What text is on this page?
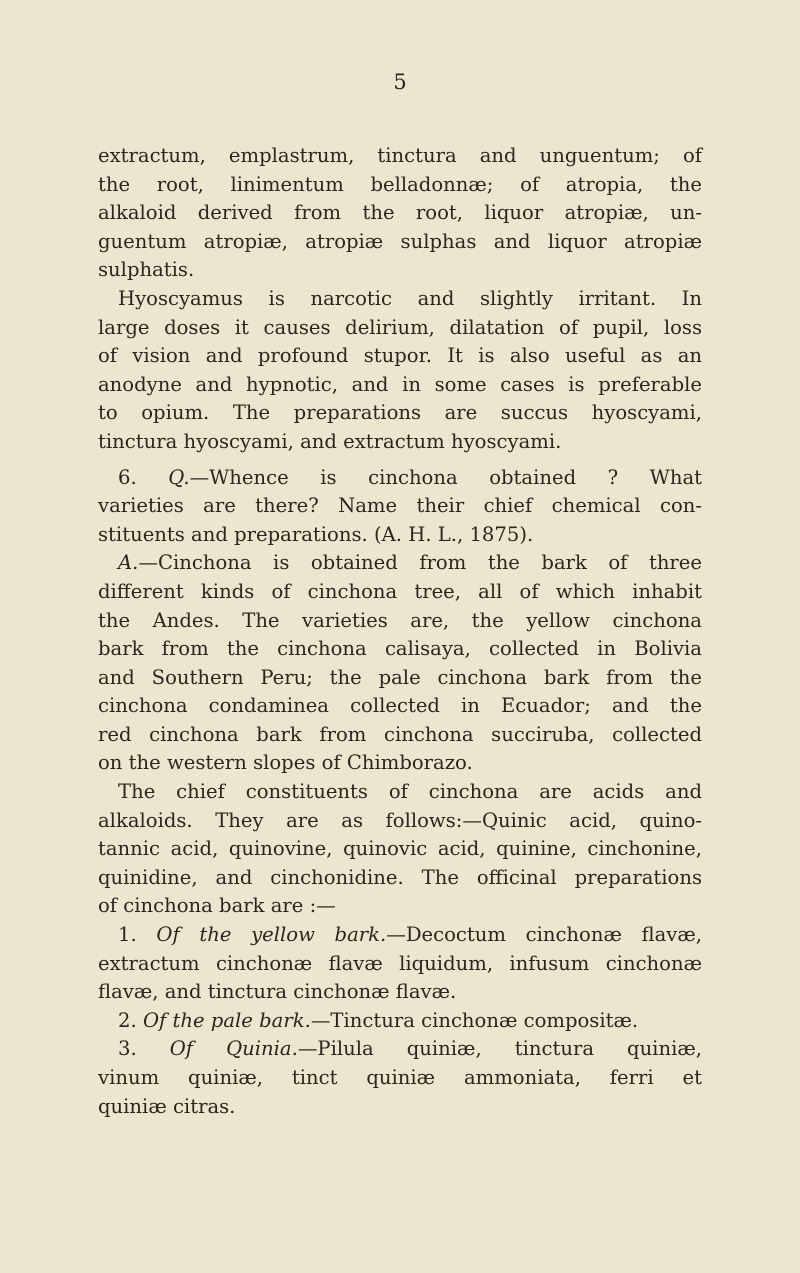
5
extractum, emplastrum, tinctura and unguentum; of
the root, linimentum belladonnæ; of atropia, the
alkaloid derived from the root, liquor atropiæ, un-
guentum atropiæ, atropiæ sulphas and liquor atropiæ
sulphatis.
Hyoscyamus is narcotic and slightly irritant. In
large doses it causes delirium, dilatation of pupil, loss
of vision and profound stupor. It is also useful as an
anodyne and hypnotic, and in some cases is preferable
to opium. The preparations are succus hyoscyami,
tinctura hyoscyami, and extractum hyoscyami.
6. Q.—Whence is cinchona obtained ? What
varieties are there? Name their chief chemical con-
stituents and preparations. (A. H. L., 1875).
A.—Cinchona is obtained from the bark of three
different kinds of cinchona tree, all of which inhabit
the Andes. The varieties are, the yellow cinchona
bark from the cinchona calisaya, collected in Bolivia
and Southern Peru; the pale cinchona bark from the
cinchona condaminea collected in Ecuador; and the
red cinchona bark from cinchona succiruba, collected
on the western slopes of Chimborazo.
The chief constituents of cinchona are acids and
alkaloids. They are as follows:—Quinic acid, quino-
tannic acid, quinovine, quinovic acid, quinine, cinchonine,
quinidine, and cinchonidine. The officinal preparations
of cinchona bark are :—
1. Of the yellow bark.—Decoctum cinchonæ flavæ,
extractum cinchonæ flavæ liquidum, infusum cinchonæ
flavæ, and tinctura cinchonæ flavæ.
2. Of the pale bark.—Tinctura cinchonæ compositæ.
3. Of Quinia.—Pilula quiniæ, tinctura quiniæ,
vinum quiniæ, tinct quiniæ ammoniata, ferri et
quiniæ citras.
